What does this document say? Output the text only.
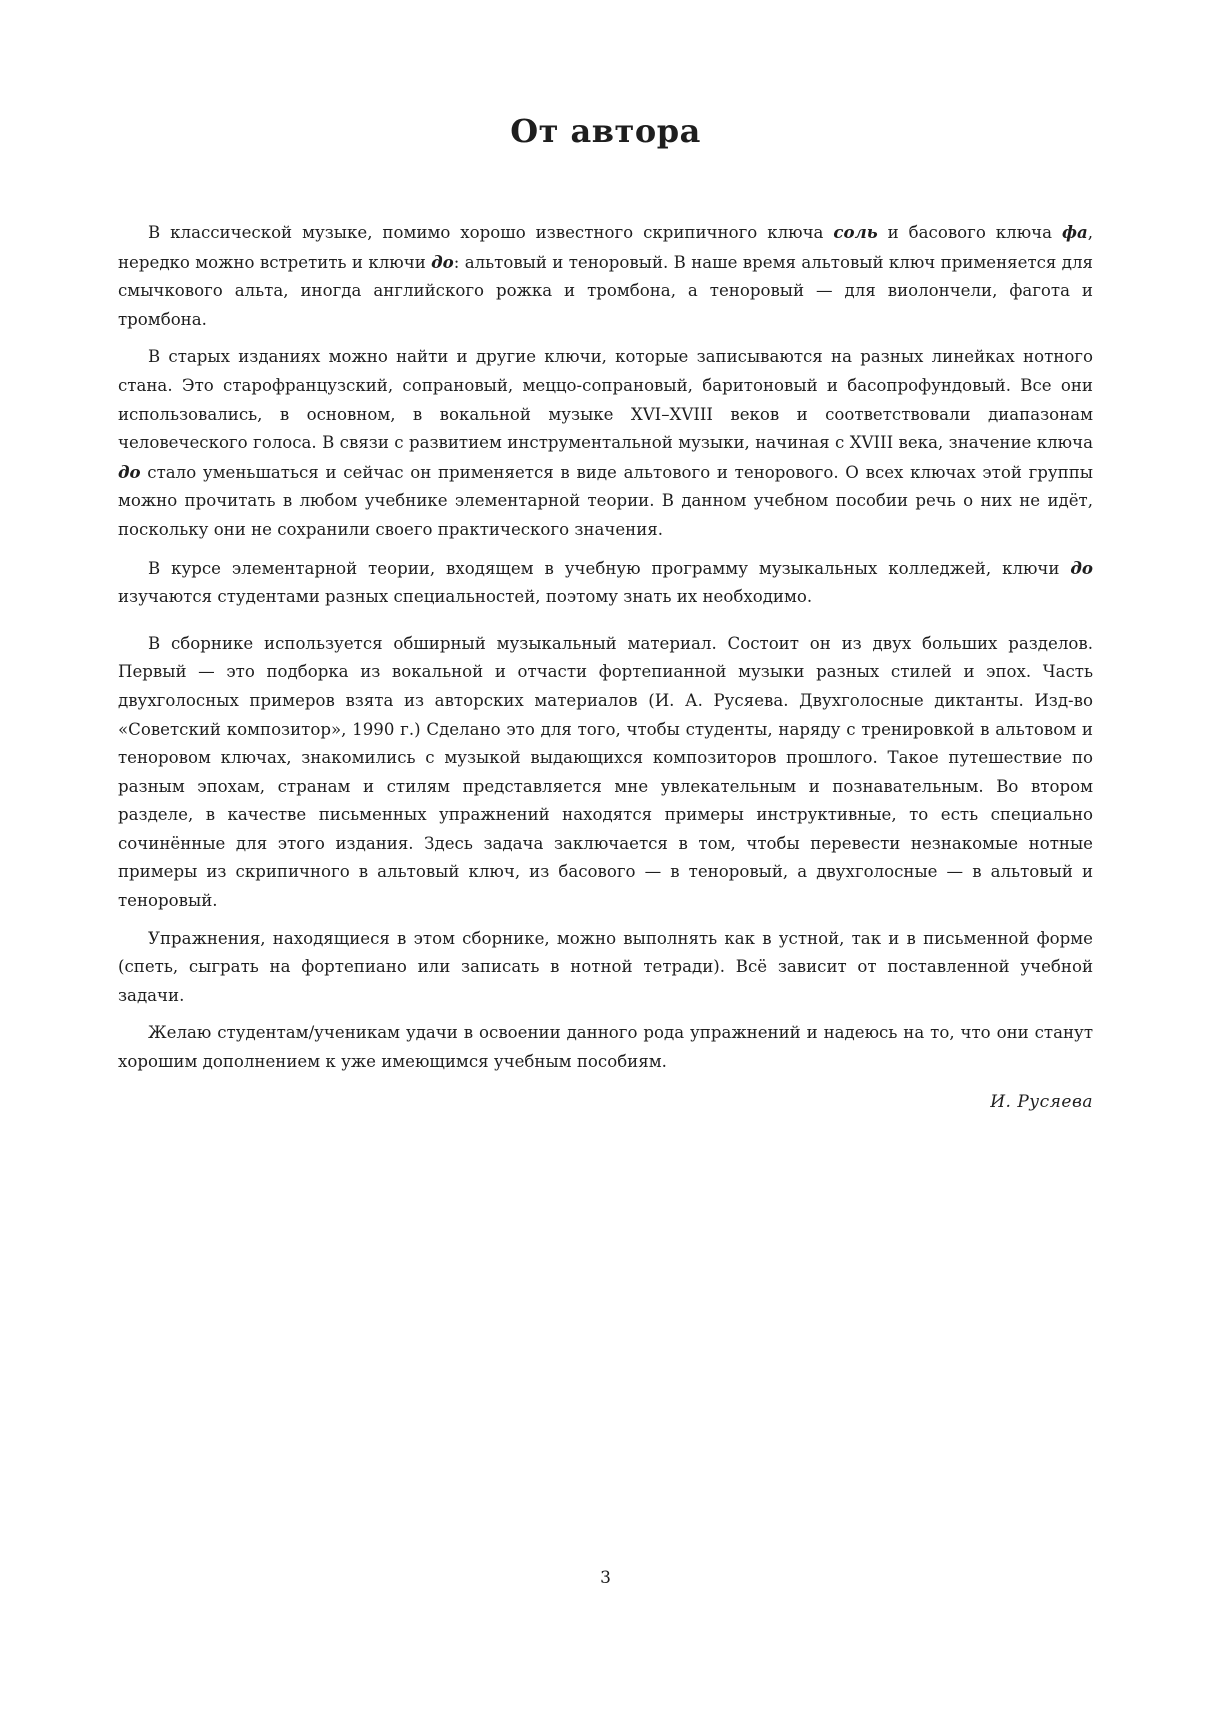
От автора

В классической музыке, помимо хорошо известного скрипичного ключа соль и басового ключа фа, нередко можно встретить и ключи до: альтовый и теноровый. В наше время альтовый ключ применяется для смычкового альта, иногда английского рожка и тромбона, а теноровый — для виолончели, фагота и тромбона.

В старых изданиях можно найти и другие ключи, которые записываются на разных линейках нотного стана. Это старофранцузский, сопрановый, меццо-сопрановый, баритоновый и басопрофундовый. Все они использовались, в основном, в вокальной музыке XVI–XVIII веков и соответствовали диапазонам человеческого голоса. В связи с развитием инструментальной музыки, начиная с XVIII века, значение ключа до стало уменьшаться и сейчас он применяется в виде альтового и тенорового. О всех ключах этой группы можно прочитать в любом учебнике элементарной теории. В данном учебном пособии речь о них не идёт, поскольку они не сохранили своего практического значения.

В курсе элементарной теории, входящем в учебную программу музыкальных колледжей, ключи до изучаются студентами разных специальностей, поэтому знать их необходимо.

В сборнике используется обширный музыкальный материал. Состоит он из двух больших разделов. Первый — это подборка из вокальной и отчасти фортепианной музыки разных стилей и эпох. Часть двухголосных примеров взята из авторских материалов (И. А. Русяева. Двухголосные диктанты. Изд-во «Советский композитор», 1990 г.) Сделано это для того, чтобы студенты, наряду с тренировкой в альтовом и теноровом ключах, знакомились с музыкой выдающихся композиторов прошлого. Такое путешествие по разным эпохам, странам и стилям представляется мне увлекательным и познавательным. Во втором разделе, в качестве письменных упражнений находятся примеры инструктивные, то есть специально сочинённые для этого издания. Здесь задача заключается в том, чтобы перевести незнакомые нотные примеры из скрипичного в альтовый ключ, из басового — в теноровый, а двухголосные — в альтовый и теноровый.

Упражнения, находящиеся в этом сборнике, можно выполнять как в устной, так и в письменной форме (спеть, сыграть на фортепиано или записать в нотной тетради). Всё зависит от поставленной учебной задачи.

Желаю студентам/ученикам удачи в освоении данного рода упражнений и надеюсь на то, что они станут хорошим дополнением к уже имеющимся учебным пособиям.

И. Русяева
3
